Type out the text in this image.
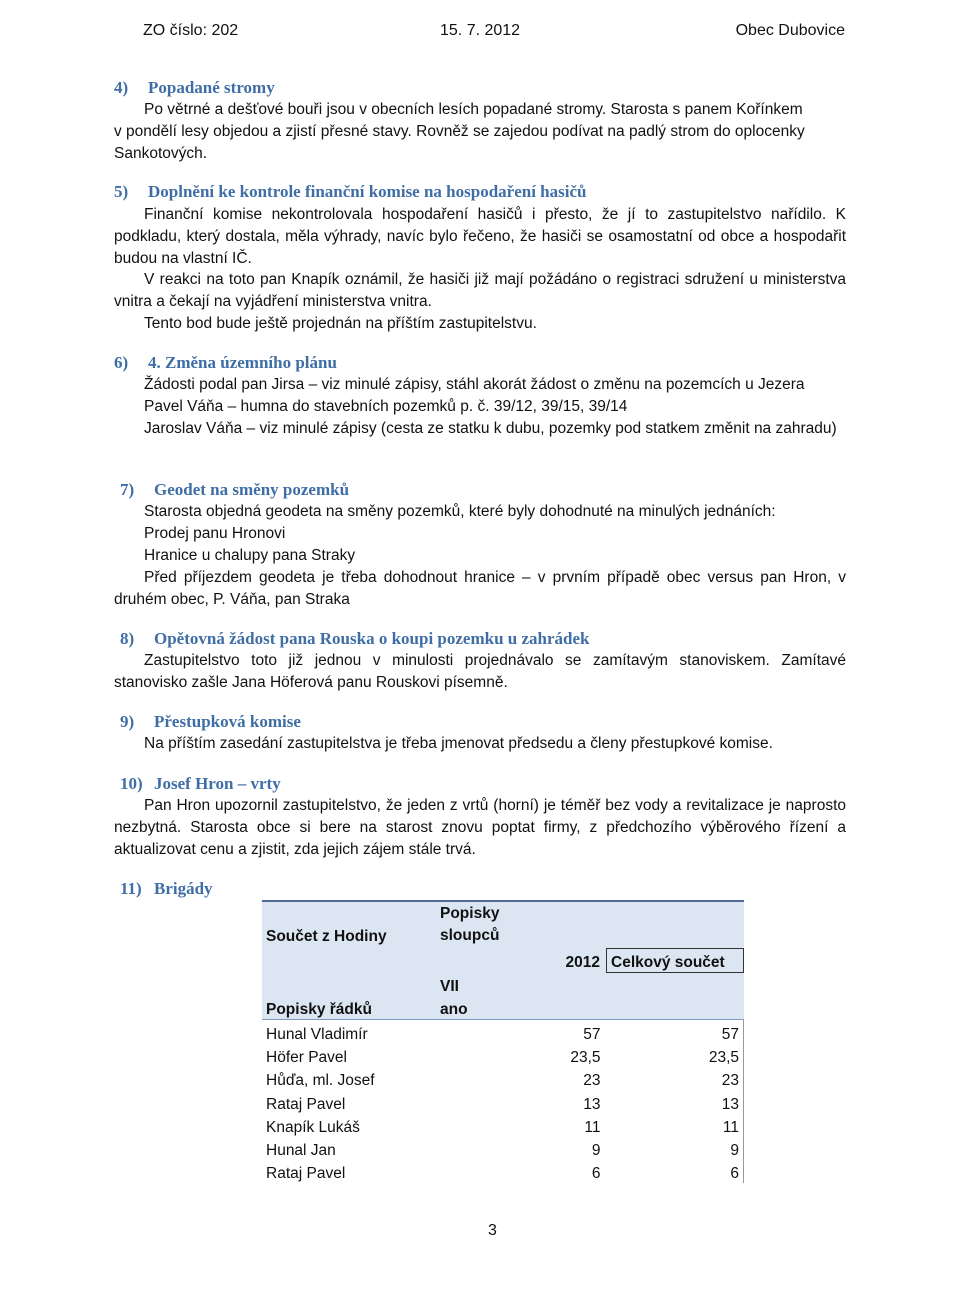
ZO číslo: 202	15. 7. 2012	Obec Dubovice
4) Popadané stromy
Po větrné a dešťové bouři jsou v obecních lesích popadané stromy. Starosta s panem Kořínkem
v pondělí lesy objedou a zjistí přesné stavy. Rovněž se zajedou podívat na padlý strom do oplocenky
Sankotových.
5) Doplnění ke kontrole finanční komise na hospodaření hasičů
Finanční komise nekontrolovala hospodaření hasičů i přesto, že jí to zastupitelstvo nařídilo. K podkladu, který dostala, měla výhrady, navíc bylo řečeno, že hasiči se osamostatní od obce a hospodařit budou na vlastní IČ.
V reakci na toto pan Knapík oznámil, že hasiči již mají požádáno o registraci sdružení u ministerstva vnitra a čekají na vyjádření ministerstva vnitra.
Tento bod bude ještě projednán na příštím zastupitelstvu.
6) 4. Změna územního plánu
Žádosti podal pan Jirsa – viz minulé zápisy, stáhl akorát žádost o změnu na pozemcích u Jezera
Pavel Váňa – humna do stavebních pozemků p. č. 39/12, 39/15, 39/14
Jaroslav Váňa – viz minulé zápisy (cesta ze statku k dubu, pozemky pod statkem změnit na zahradu)
7) Geodet na směny pozemků
Starosta objedná geodeta na směny pozemků, které byly dohodnuté na minulých jednáních:
Prodej panu Hronovi
Hranice u chalupy pana Straky
Před příjezdem geodeta je třeba dohodnout hranice – v prvním případě obec versus pan Hron, v druhém obec, P. Váňa, pan Straka
8) Opětovná žádost pana Rouska o koupi pozemku u zahrádek
Zastupitelstvo toto již jednou v minulosti projednávalo se zamítavým stanoviskem. Zamítavé stanovisko zašle Jana Höferová panu Rouskovi písemně.
9) Přestupková komise
Na příštím zasedání zastupitelstva je třeba jmenovat předsedu a členy přestupkové komise.
10) Josef Hron – vrty
Pan Hron upozornil zastupitelstvo, že jeden z vrtů (horní) je téměř bez vody a revitalizace je naprosto nezbytná. Starosta obce si bere na starost znovu poptat firmy, z předchozího výběrového řízení a aktualizovat cenu a zjistit, zda jejich zájem stále trvá.
11) Brigády
Součet z Hodiny	Popisky sloupců		
		2012	Celkový součet
	VII		
Popisky řádků	ano		
Hunal Vladimír		57	57
Höfer Pavel		23,5	23,5
Hůďa, ml. Josef		23	23
Rataj Pavel		13	13
Knapík Lukáš		11	11
Hunal Jan		9	9
Rataj Pavel		6	6
3
